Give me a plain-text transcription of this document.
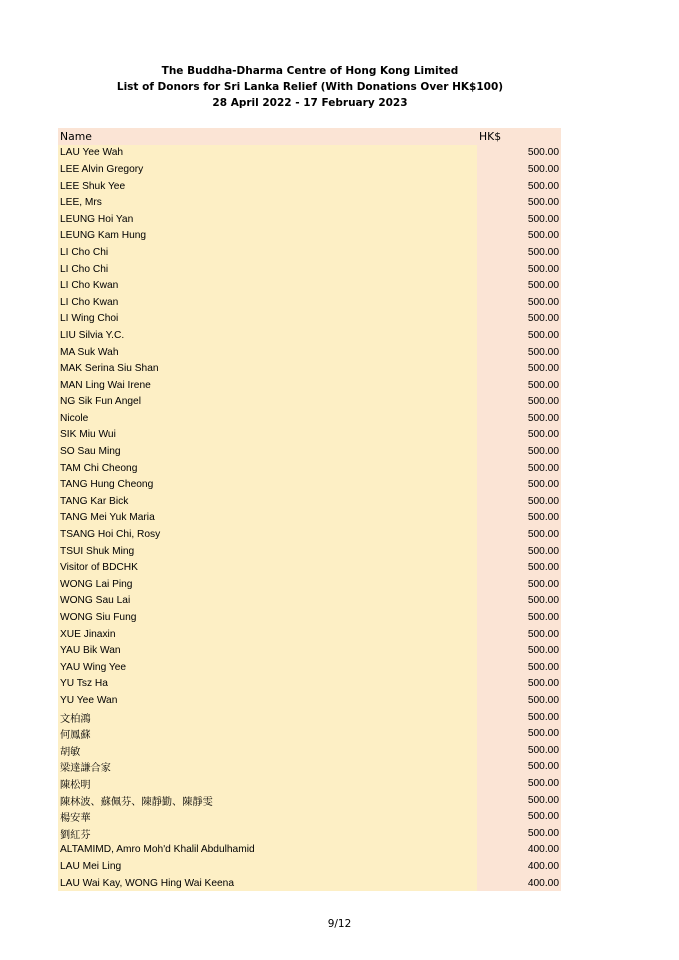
The Buddha-Dharma Centre of Hong Kong Limited
List of Donors for Sri Lanka Relief (With Donations Over HK$100)
28 April 2022 - 17 February 2023
Name	HK$
LAU Yee Wah	500.00
LEE Alvin Gregory	500.00
LEE Shuk Yee	500.00
LEE, Mrs	500.00
LEUNG Hoi Yan	500.00
LEUNG Kam Hung	500.00
LI Cho Chi	500.00
LI Cho Chi	500.00
LI Cho Kwan	500.00
LI Cho Kwan	500.00
LI Wing Choi	500.00
LIU Silvia Y.C.	500.00
MA Suk Wah	500.00
MAK Serina Siu Shan	500.00
MAN Ling Wai Irene	500.00
NG Sik Fun Angel	500.00
Nicole	500.00
SIK Miu Wui	500.00
SO Sau Ming	500.00
TAM Chi Cheong	500.00
TANG Hung Cheong	500.00
TANG Kar Bick	500.00
TANG Mei Yuk Maria	500.00
TSANG Hoi Chi, Rosy	500.00
TSUI Shuk Ming	500.00
Visitor of BDCHK	500.00
WONG Lai Ping	500.00
WONG Sau Lai	500.00
WONG Siu Fung	500.00
XUE Jinaxin	500.00
YAU Bik Wan	500.00
YAU Wing Yee	500.00
YU Tsz Ha	500.00
YU Yee Wan	500.00
文柏鴻	500.00
何鳳蘇	500.00
胡敏	500.00
梁達謙合家	500.00
陳松明	500.00
陳林波、蘇佩芬、陳靜勤、陳靜雯	500.00
楊安華	500.00
劉紅芬	500.00
ALTAMIMD, Amro Moh'd Khalil Abdulhamid	400.00
LAU Mei Ling	400.00
LAU Wai Kay, WONG Hing Wai Keena	400.00
9/12
